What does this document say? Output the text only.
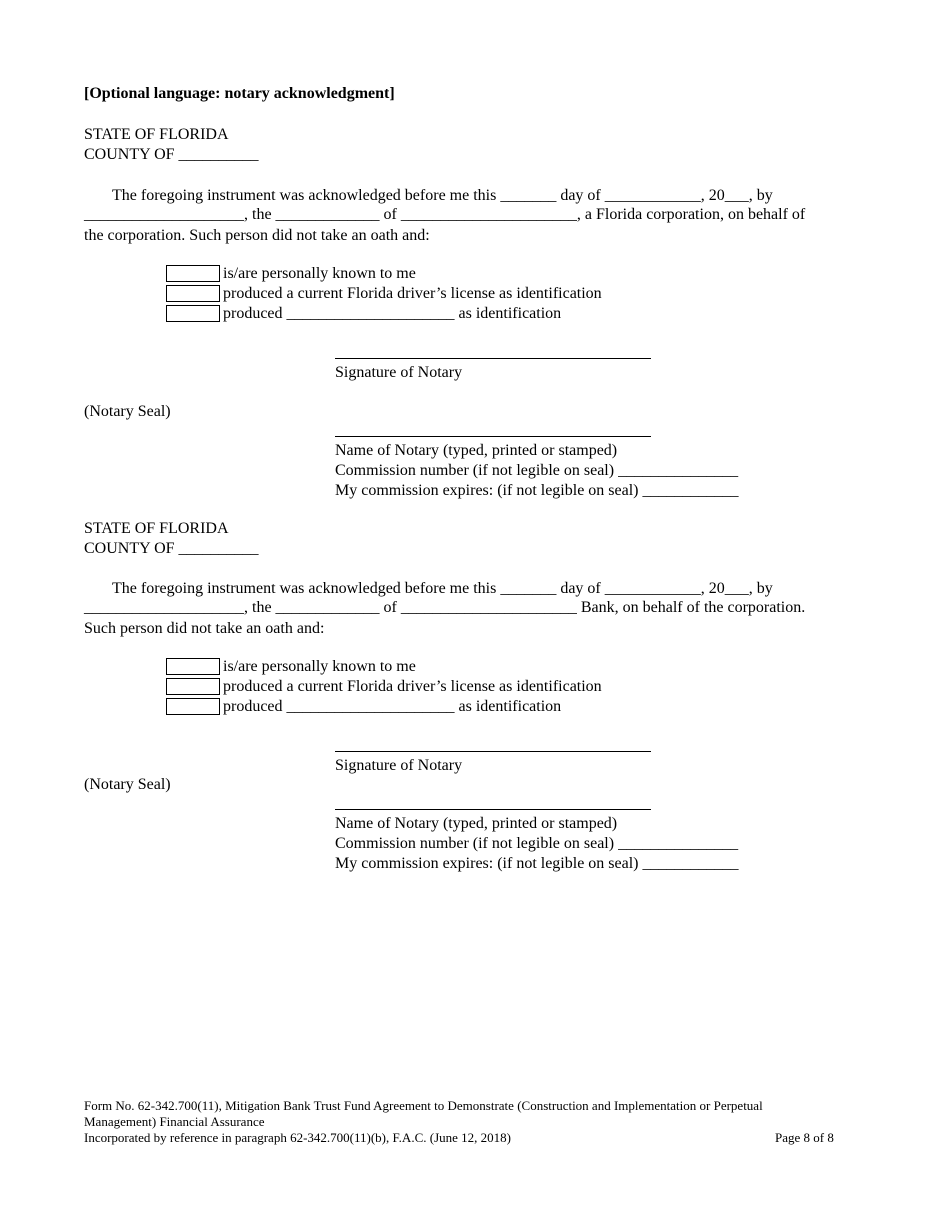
[Optional language: notary acknowledgment]
STATE OF FLORIDA
COUNTY OF __________
The foregoing instrument was acknowledged before me this _______ day of ____________, 20___, by
____________________, the _____________ of ______________________, a Florida corporation, on behalf of
the corporation. Such person did not take an oath and:
is/are personally known to me
produced a current Florida driver’s license as identification
produced _____________________ as identification
Signature of Notary
(Notary Seal)
Name of Notary (typed, printed or stamped)
Commission number (if not legible on seal) _______________
My commission expires: (if not legible on seal) ____________
STATE OF FLORIDA
COUNTY OF __________
The foregoing instrument was acknowledged before me this _______ day of ____________, 20___, by
____________________, the _____________ of ______________________ Bank, on behalf of the corporation.
Such person did not take an oath and:
is/are personally known to me
produced a current Florida driver’s license as identification
produced _____________________ as identification
Signature of Notary
(Notary Seal)
Name of Notary (typed, printed or stamped)
Commission number (if not legible on seal) _______________
My commission expires: (if not legible on seal) ____________
Form No. 62-342.700(11), Mitigation Bank Trust Fund Agreement to Demonstrate (Construction and Implementation or Perpetual
Management) Financial Assurance
Incorporated by reference in paragraph 62-342.700(11)(b), F.A.C. (June 12, 2018)	Page 8 of 8
